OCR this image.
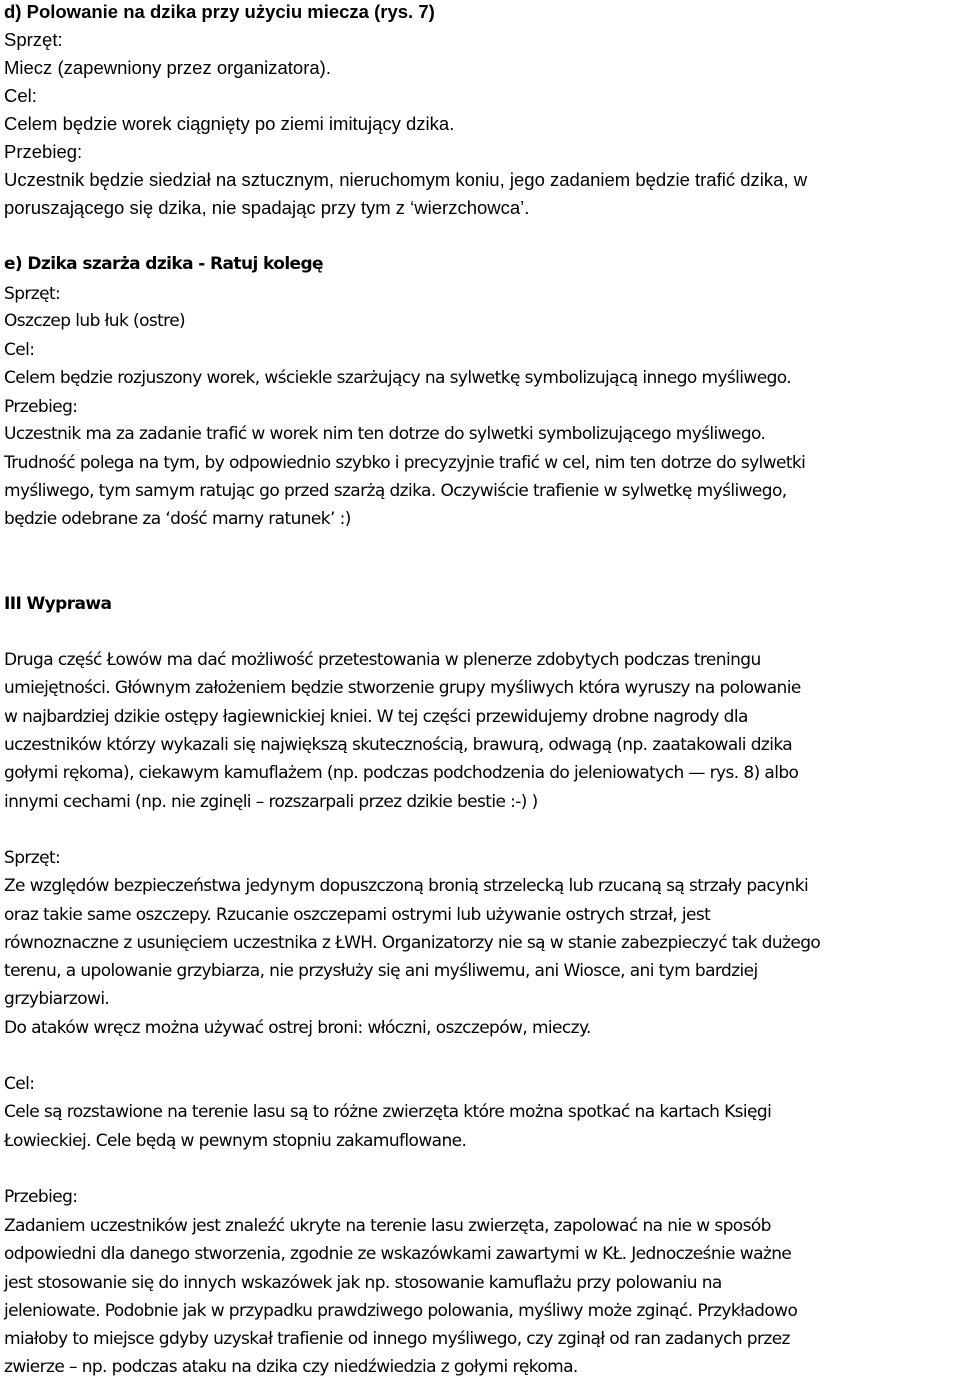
d) Polowanie na dzika przy użyciu miecza (rys. 7)
Sprzęt:
Miecz (zapewniony przez organizatora).
Cel:
Celem będzie worek ciągnięty po ziemi imitujący dzika.
Przebieg:
Uczestnik będzie siedział na sztucznym, nieruchomym koniu, jego zadaniem będzie trafić dzika, w
poruszającego się dzika, nie spadając przy tym z ‘wierzchowca’.
e) Dzika szarża dzika - Ratuj kolegę
Sprzęt:
Oszczep lub łuk (ostre)
Cel:
Celem będzie rozjuszony worek, wściekle szarżujący na sylwetkę symbolizującą innego myśliwego.
Przebieg:
Uczestnik ma za zadanie trafić w worek nim ten dotrze do sylwetki symbolizującego myśliwego.
Trudność polega na tym, by odpowiednio szybko i precyzyjnie trafić w cel, nim ten dotrze do sylwetki
myśliwego, tym samym ratując go przed szarżą dzika. Oczywiście trafienie w sylwetkę myśliwego,
będzie odebrane za ‘dość marny ratunek’ :)
III Wyprawa
Druga część Łowów ma dać możliwość przetestowania w plenerze zdobytych podczas treningu
umiejętności. Głównym założeniem będzie stworzenie grupy myśliwych która wyruszy na polowanie
w najbardziej dzikie ostępy łagiewnickiej kniei. W tej części przewidujemy drobne nagrody dla
uczestników którzy wykazali się największą skutecznością, brawurą, odwagą (np. zaatakowali dzika
gołymi rękoma), ciekawym kamuflażem (np. podczas podchodzenia do jeleniowatych — rys. 8) albo
innymi cechami (np. nie zginęli – rozszarpali przez dzikie bestie :-) )
Sprzęt:
Ze względów bezpieczeństwa jedynym dopuszczoną bronią strzelecką lub rzucaną są strzały pacynki
oraz takie same oszczepy. Rzucanie oszczepami ostrymi lub używanie ostrych strzał, jest
równoznaczne z usunięciem uczestnika z ŁWH. Organizatorzy nie są w stanie zabezpieczyć tak dużego
terenu, a upolowanie grzybiarza, nie przysłuży się ani myśliwemu, ani Wiosce, ani tym bardziej
grzybiarzowi.
Do ataków wręcz można używać ostrej broni: włóczni, oszczepów, mieczy.
Cel:
Cele są rozstawione na terenie lasu są to różne zwierzęta które można spotkać na kartach Księgi
Łowieckiej. Cele będą w pewnym stopniu zakamuflowane.
Przebieg:
Zadaniem uczestników jest znaleźć ukryte na terenie lasu zwierzęta, zapolować na nie w sposób
odpowiedni dla danego stworzenia, zgodnie ze wskazówkami zawartymi w KŁ. Jednocześnie ważne
jest stosowanie się do innych wskazówek jak np. stosowanie kamuflażu przy polowaniu na
jeleniowate. Podobnie jak w przypadku prawdziwego polowania, myśliwy może zginąć. Przykładowo
miałoby to miejsce gdyby uzyskał trafienie od innego myśliwego, czy zginął od ran zadanych przez
zwierze – np. podczas ataku na dzika czy niedźwiedzia z gołymi rękoma.
